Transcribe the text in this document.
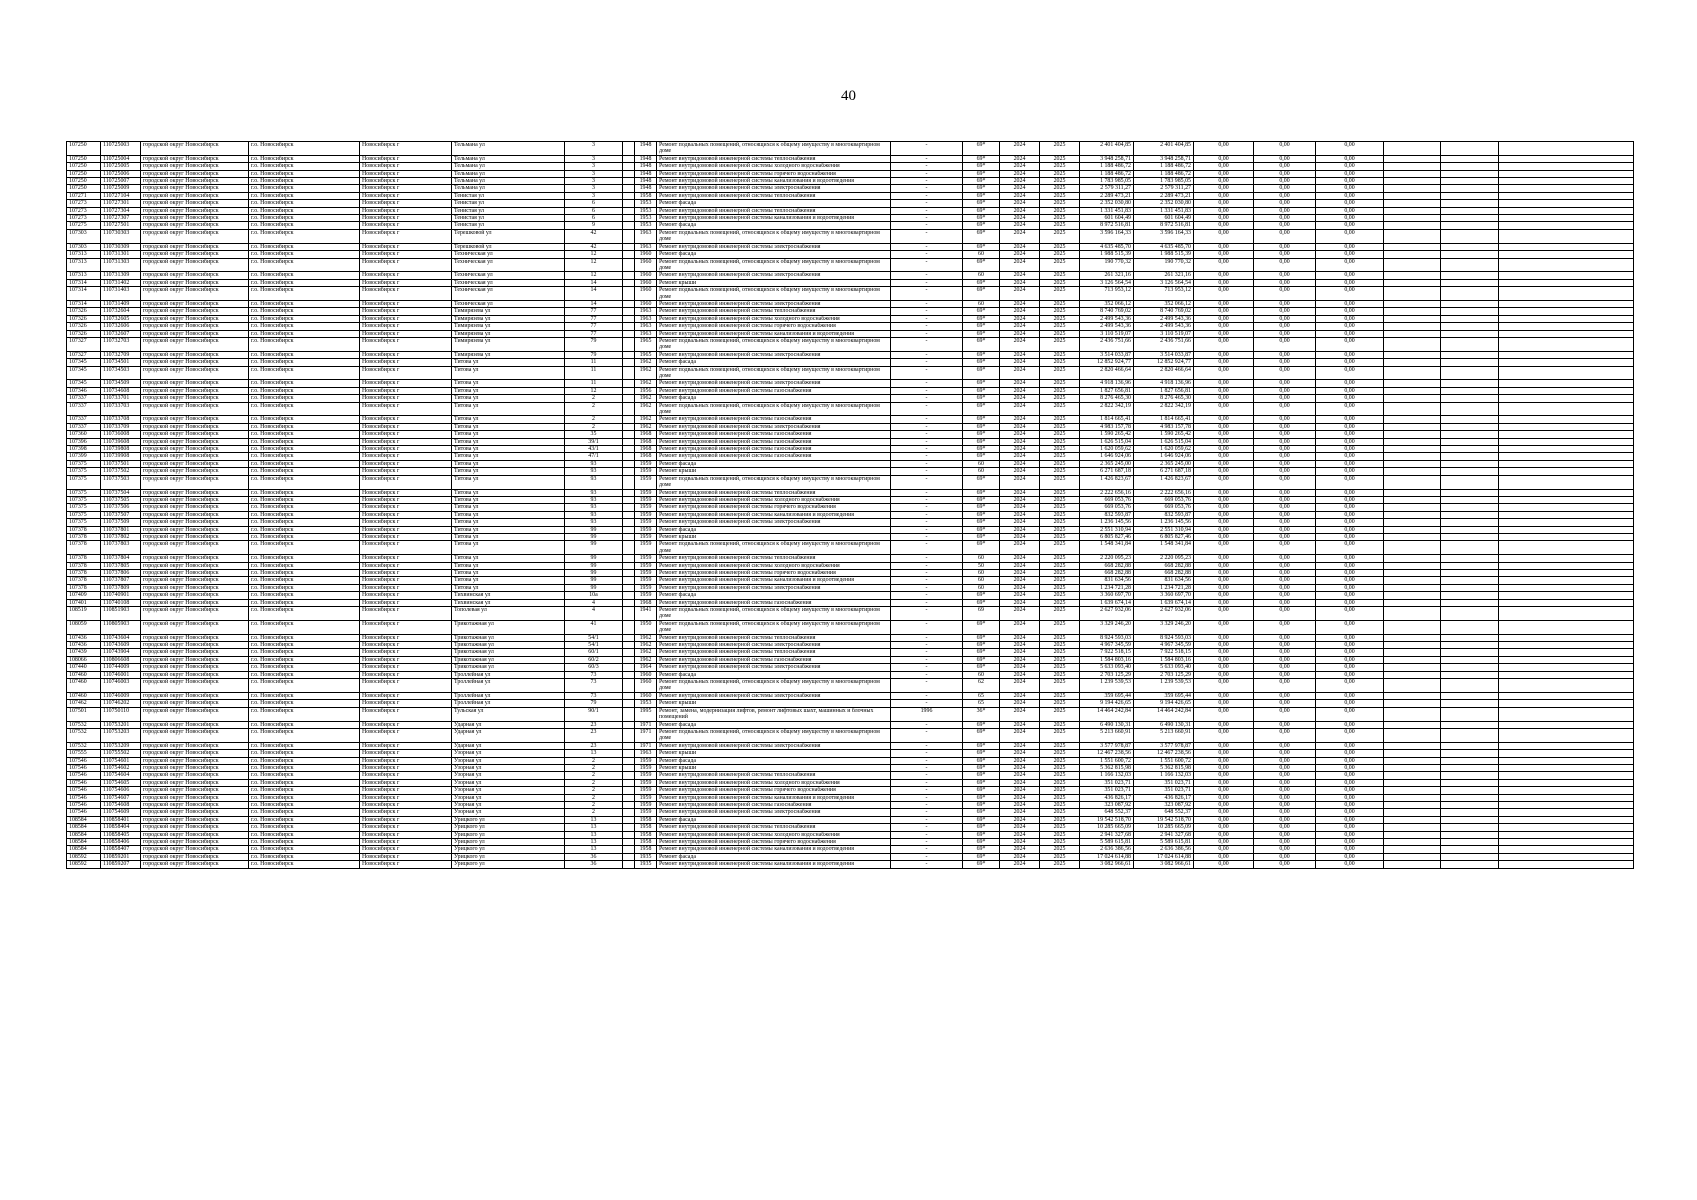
40
107250	110725003	городской округ Новосибирск	г.о. Новосибирск	Новосибирск г	Тельмана ул	3		1948	Ремонт подвальных помещений, относящихся к общему имуществу в многоквартирном доме	-	69*	2024	2025	2 401 404,85	2 401 404,85	0,00	0,00	0,00			
107250	110725004	городской округ Новосибирск	г.о. Новосибирск	Новосибирск г	Тельмана ул	3		1948	Ремонт внутридомовой инженерной системы теплоснабжения	-	69*	2024	2025	3 948 258,71	3 948 258,71	0,00	0,00	0,00			
107250	110725005	городской округ Новосибирск	г.о. Новосибирск	Новосибирск г	Тельмана ул	3		1948	Ремонт внутридомовой инженерной системы холодного водоснабжения	-	69*	2024	2025	1 188 486,72	1 188 486,72	0,00	0,00	0,00			
107250	110725006	городской округ Новосибирск	г.о. Новосибирск	Новосибирск г	Тельмана ул	3		1948	Ремонт внутридомовой инженерной системы горячего водоснабжения	-	69*	2024	2025	1 188 486,72	1 188 486,72	0,00	0,00	0,00			
107250	110725007	городской округ Новосибирск	г.о. Новосибирск	Новосибирск г	Тельмана ул	3		1948	Ремонт внутридомовой инженерной системы канализования и водоотведения	-	69*	2024	2025	1 783 985,05	1 783 985,05	0,00	0,00	0,00			
107250	110725009	городской округ Новосибирск	г.о. Новосибирск	Новосибирск г	Тельмана ул	3		1948	Ремонт внутридомовой инженерной системы электроснабжения	-	69*	2024	2025	2 579 311,27	2 579 311,27	0,00	0,00	0,00			
107271	110727104	городской округ Новосибирск	г.о. Новосибирск	Новосибирск г	Тенистая ул	3		1958	Ремонт внутридомовой инженерной системы теплоснабжения	-	69*	2024	2025	2 289 473,21	2 289 473,21	0,00	0,00	0,00			
107273	110727301	городской округ Новосибирск	г.о. Новосибирск	Новосибирск г	Тенистая ул	6		1953	Ремонт фасада	-	69*	2024	2025	2 352 030,80	2 352 030,80	0,00	0,00	0,00			
107273	110727304	городской округ Новосибирск	г.о. Новосибирск	Новосибирск г	Тенистая ул	6		1953	Ремонт внутридомовой инженерной системы теплоснабжения	-	69*	2024	2025	1 331 451,83	1 331 451,83	0,00	0,00	0,00			
107273	110727307	городской округ Новосибирск	г.о. Новосибирск	Новосибирск г	Тенистая ул	6		1953	Ремонт внутридомовой инженерной системы канализования и водоотведения	-	69*	2024	2025	601 604,49	601 604,49	0,00	0,00	0,00			
107275	110727501	городской округ Новосибирск	г.о. Новосибирск	Новосибирск г	Тенистая ул	9		1953	Ремонт фасада	-	69*	2024	2025	8 972 516,81	8 972 516,81	0,00	0,00	0,00			
107303	110730303	городской округ Новосибирск	г.о. Новосибирск	Новосибирск г	Терешковой ул	42		1963	Ремонт подвальных помещений, относящихся к общему имуществу в многоквартирном доме	-	69*	2024	2025	3 596 164,33	3 596 164,33	0,00	0,00	0,00			
107303	110730309	городской округ Новосибирск	г.о. Новосибирск	Новосибирск г	Терешковой ул	42		1963	Ремонт внутридомовой инженерной системы электроснабжения	-	69*	2024	2025	4 635 485,70	4 635 485,70	0,00	0,00	0,00			
107313	110731301	городской округ Новосибирск	г.о. Новосибирск	Новосибирск г	Техническая ул	12		1960	Ремонт фасада	-	60	2024	2025	1 988 515,39	1 988 515,39	0,00	0,00	0,00			
107313	110731303	городской округ Новосибирск	г.о. Новосибирск	Новосибирск г	Техническая ул	12		1960	Ремонт подвальных помещений, относящихся к общему имуществу в многоквартирном доме	-	69*	2024	2025	190 770,32	190 770,32	0,00	0,00	0,00			
107313	110731309	городской округ Новосибирск	г.о. Новосибирск	Новосибирск г	Техническая ул	12		1960	Ремонт внутридомовой инженерной системы электроснабжения	-	60	2024	2025	261 321,16	261 321,16	0,00	0,00	0,00			
107314	110731402	городской округ Новосибирск	г.о. Новосибирск	Новосибирск г	Техническая ул	14		1960	Ремонт крыши	-	69*	2024	2025	3 126 564,54	3 126 564,54	0,00	0,00	0,00			
107314	110731403	городской округ Новосибирск	г.о. Новосибирск	Новосибирск г	Техническая ул	14		1960	Ремонт подвальных помещений, относящихся к общему имуществу в многоквартирном доме	-	69*	2024	2025	713 953,12	713 953,12	0,00	0,00	0,00			
107314	110731409	городской округ Новосибирск	г.о. Новосибирск	Новосибирск г	Техническая ул	14		1960	Ремонт внутридомовой инженерной системы электроснабжения	-	60	2024	2025	352 066,12	352 066,12	0,00	0,00	0,00			
107326	110732604	городской округ Новосибирск	г.о. Новосибирск	Новосибирск г	Тимирязева ул	77		1963	Ремонт внутридомовой инженерной системы теплоснабжения	-	69*	2024	2025	8 740 769,02	8 740 769,02	0,00	0,00	0,00			
107326	110732605	городской округ Новосибирск	г.о. Новосибирск	Новосибирск г	Тимирязева ул	77		1963	Ремонт внутридомовой инженерной системы холодного водоснабжения	-	69*	2024	2025	2 499 543,36	2 499 543,36	0,00	0,00	0,00			
107326	110732606	городской округ Новосибирск	г.о. Новосибирск	Новосибирск г	Тимирязева ул	77		1963	Ремонт внутридомовой инженерной системы горячего водоснабжения	-	69*	2024	2025	2 499 543,36	2 499 543,36	0,00	0,00	0,00			
107326	110732607	городской округ Новосибирск	г.о. Новосибирск	Новосибирск г	Тимирязева ул	77		1963	Ремонт внутридомовой инженерной системы канализования и водоотведения	-	69*	2024	2025	3 110 519,07	3 110 519,07	0,00	0,00	0,00			
107327	110732703	городской округ Новосибирск	г.о. Новосибирск	Новосибирск г	Тимирязева ул	79		1965	Ремонт подвальных помещений, относящихся к общему имуществу в многоквартирном доме	-	69*	2024	2025	2 436 751,66	2 436 751,66	0,00	0,00	0,00			
107327	110732709	городской округ Новосибирск	г.о. Новосибирск	Новосибирск г	Тимирязева ул	79		1965	Ремонт внутридомовой инженерной системы электроснабжения	-	69*	2024	2025	3 514 033,87	3 514 033,87	0,00	0,00	0,00			
107345	110734501	городской округ Новосибирск	г.о. Новосибирск	Новосибирск г	Титова ул	11		1962	Ремонт фасада	-	69*	2024	2025	12 852 924,77	12 852 924,77	0,00	0,00	0,00			
107345	110734503	городской округ Новосибирск	г.о. Новосибирск	Новосибирск г	Титова ул	11		1962	Ремонт подвальных помещений, относящихся к общему имуществу в многоквартирном доме	-	69*	2024	2025	2 820 466,64	2 820 466,64	0,00	0,00	0,00			
107345	110734509	городской округ Новосибирск	г.о. Новосибирск	Новосибирск г	Титова ул	11		1962	Ремонт внутридомовой инженерной системы электроснабжения	-	69*	2024	2025	4 918 136,96	4 918 136,96	0,00	0,00	0,00			
107346	110734608	городской округ Новосибирск	г.о. Новосибирск	Новосибирск г	Титова ул	12		1956	Ремонт внутридомовой инженерной системы газоснабжения	-	69*	2024	2025	1 827 656,81	1 827 656,81	0,00	0,00	0,00			
107337	110733701	городской округ Новосибирск	г.о. Новосибирск	Новосибирск г	Титова ул	2		1962	Ремонт фасада	-	69*	2024	2025	8 276 465,30	8 276 465,30	0,00	0,00	0,00			
107337	110733703	городской округ Новосибирск	г.о. Новосибирск	Новосибирск г	Титова ул	2		1962	Ремонт подвальных помещений, относящихся к общему имуществу в многоквартирном доме	-	69*	2024	2025	2 822 342,19	2 822 342,19	0,00	0,00	0,00			
107337	110733708	городской округ Новосибирск	г.о. Новосибирск	Новосибирск г	Титова ул	2		1962	Ремонт внутридомовой инженерной системы газоснабжения	-	69*	2024	2025	1 814 665,41	1 814 665,41	0,00	0,00	0,00			
107337	110733709	городской округ Новосибирск	г.о. Новосибирск	Новосибирск г	Титова ул	2		1962	Ремонт внутридомовой инженерной системы электроснабжения	-	69*	2024	2025	4 983 157,78	4 983 157,78	0,00	0,00	0,00			
107360	110736008	городской округ Новосибирск	г.о. Новосибирск	Новосибирск г	Титова ул	35		1968	Ремонт внутридомовой инженерной системы газоснабжения	-	69*	2024	2025	1 590 265,42	1 590 265,42	0,00	0,00	0,00			
107396	110739608	городской округ Новосибирск	г.о. Новосибирск	Новосибирск г	Титова ул	39/1		1968	Ремонт внутридомовой инженерной системы газоснабжения	-	69*	2024	2025	1 626 515,04	1 626 515,04	0,00	0,00	0,00			
107398	110739808	городской округ Новосибирск	г.о. Новосибирск	Новосибирск г	Титова ул	43/1		1968	Ремонт внутридомовой инженерной системы газоснабжения	-	69*	2024	2025	1 620 059,62	1 620 059,62	0,00	0,00	0,00			
107399	110739908	городской округ Новосибирск	г.о. Новосибирск	Новосибирск г	Титова ул	47/1		1968	Ремонт внутридомовой инженерной системы газоснабжения	-	69*	2024	2025	1 646 924,06	1 646 924,06	0,00	0,00	0,00			
107375	110737501	городской округ Новосибирск	г.о. Новосибирск	Новосибирск г	Титова ул	93		1959	Ремонт фасада	-	60	2024	2025	2 365 245,00	2 365 245,00	0,00	0,00	0,00			
107375	110737502	городской округ Новосибирск	г.о. Новосибирск	Новосибирск г	Титова ул	93		1959	Ремонт крыши	-	60	2024	2025	6 271 687,18	6 271 687,18	0,00	0,00	0,00			
107375	110737503	городской округ Новосибирск	г.о. Новосибирск	Новосибирск г	Титова ул	93		1959	Ремонт подвальных помещений, относящихся к общему имуществу в многоквартирном доме	-	69*	2024	2025	1 426 823,67	1 426 823,67	0,00	0,00	0,00			
107375	110737504	городской округ Новосибирск	г.о. Новосибирск	Новосибирск г	Титова ул	93		1959	Ремонт внутридомовой инженерной системы теплоснабжения	-	69*	2024	2025	2 222 656,16	2 222 656,16	0,00	0,00	0,00			
107375	110737505	городской округ Новосибирск	г.о. Новосибирск	Новосибирск г	Титова ул	93		1959	Ремонт внутридомовой инженерной системы холодного водоснабжения	-	69*	2024	2025	669 053,76	669 053,76	0,00	0,00	0,00			
107375	110737506	городской округ Новосибирск	г.о. Новосибирск	Новосибирск г	Титова ул	93		1959	Ремонт внутридомовой инженерной системы горячего водоснабжения	-	69*	2024	2025	669 053,76	669 053,76	0,00	0,00	0,00			
107375	110737507	городской округ Новосибирск	г.о. Новосибирск	Новосибирск г	Титова ул	93		1959	Ремонт внутридомовой инженерной системы канализования и водоотведения	-	69*	2024	2025	832 593,87	832 593,87	0,00	0,00	0,00			
107375	110737509	городской округ Новосибирск	г.о. Новосибирск	Новосибирск г	Титова ул	93		1959	Ремонт внутридомовой инженерной системы электроснабжения	-	69*	2024	2025	1 236 145,56	1 236 145,56	0,00	0,00	0,00			
107378	110737801	городской округ Новосибирск	г.о. Новосибирск	Новосибирск г	Титова ул	99		1959	Ремонт фасада	-	69*	2024	2025	2 551 310,94	2 551 310,94	0,00	0,00	0,00			
107378	110737802	городской округ Новосибирск	г.о. Новосибирск	Новосибирск г	Титова ул	99		1959	Ремонт крыши	-	69*	2024	2025	6 805 827,46	6 805 827,46	0,00	0,00	0,00			
107378	110737803	городской округ Новосибирск	г.о. Новосибирск	Новосибирск г	Титова ул	99		1959	Ремонт подвальных помещений, относящихся к общему имуществу в многоквартирном доме	-	69*	2024	2025	1 548 341,84	1 548 341,84	0,00	0,00	0,00			
107378	110737804	городской округ Новосибирск	г.о. Новосибирск	Новосибирск г	Титова ул	99		1959	Ремонт внутридомовой инженерной системы теплоснабжения	-	60	2024	2025	2 220 095,23	2 220 095,23	0,00	0,00	0,00			
107378	110737805	городской округ Новосибирск	г.о. Новосибирск	Новосибирск г	Титова ул	99		1959	Ремонт внутридомовой инженерной системы холодного водоснабжения	-	50	2024	2025	668 282,88	668 282,88	0,00	0,00	0,00			
107378	110737806	городской округ Новосибирск	г.о. Новосибирск	Новосибирск г	Титова ул	99		1959	Ремонт внутридомовой инженерной системы горячего водоснабжения	-	60	2024	2025	668 282,88	668 282,88	0,00	0,00	0,00			
107378	110737807	городской округ Новосибирск	г.о. Новосибирск	Новосибирск г	Титова ул	99		1959	Ремонт внутридомовой инженерной системы канализования и водоотведения	-	60	2024	2025	831 634,56	831 634,56	0,00	0,00	0,00			
107378	110737809	городской округ Новосибирск	г.о. Новосибирск	Новосибирск г	Титова ул	99		1959	Ремонт внутридомовой инженерной системы электроснабжения	-	60	2024	2025	1 234 721,28	1 234 721,28	0,00	0,00	0,00			
107409	110740901	городской округ Новосибирск	г.о. Новосибирск	Новосибирск г	Тихвинская ул	10а		1959	Ремонт фасада	-	69*	2024	2025	3 360 697,70	3 360 697,70	0,00	0,00	0,00			
107401	110740108	городской округ Новосибирск	г.о. Новосибирск	Новосибирск г	Тихвинская ул	4		1968	Ремонт внутридомовой инженерной системы газоснабжения	-	69*	2024	2025	1 639 674,14	1 639 674,14	0,00	0,00	0,00			
108519	110851903	городской округ Новосибирск	г.о. Новосибирск	Новосибирск г	Тополевая ул	4		1941	Ремонт подвальных помещений, относящихся к общему имуществу в многоквартирном доме	-	69	2024	2025	2 627 932,06	2 627 932,06	0,00	0,00	0,00			
108059	110805903	городской округ Новосибирск	г.о. Новосибирск	Новосибирск г	Трикотажная ул	41		1950	Ремонт подвальных помещений, относящихся к общему имуществу в многоквартирном доме	-	69*	2024	2025	3 329 246,20	3 329 246,20	0,00	0,00	0,00			
107436	110743604	городской округ Новосибирск	г.о. Новосибирск	Новосибирск г	Трикотажная ул	54/1		1962	Ремонт внутридомовой инженерной системы теплоснабжения	-	69*	2024	2025	8 924 593,03	8 924 593,03	0,00	0,00	0,00			
107436	110743609	городской округ Новосибирск	г.о. Новосибирск	Новосибирск г	Трикотажная ул	54/1		1962	Ремонт внутридомовой инженерной системы электроснабжения	-	69*	2024	2025	4 967 345,59	4 967 345,59	0,00	0,00	0,00			
107439	110743904	городской округ Новосибирск	г.о. Новосибирск	Новосибирск г	Трикотажная ул	60/1		1962	Ремонт внутридомовой инженерной системы теплоснабжения	-	69*	2024	2025	7 922 518,15	7 922 518,15	0,00	0,00	0,00			
108066	110806608	городской округ Новосибирск	г.о. Новосибирск	Новосибирск г	Трикотажная ул	60/2		1962	Ремонт внутридомовой инженерной системы газоснабжения	-	69*	2024	2025	1 584 803,16	1 584 803,16	0,00	0,00	0,00			
107440	110744009	городской округ Новосибирск	г.о. Новосибирск	Новосибирск г	Трикотажная ул	60/3		1964	Ремонт внутридомовой инженерной системы электроснабжения	-	69*	2024	2025	5 633 093,40	5 633 093,40	0,00	0,00	0,00			
107460	110746001	городской округ Новосибирск	г.о. Новосибирск	Новосибирск г	Троллейная ул	73		1960	Ремонт фасада	-	60	2024	2025	2 703 125,29	2 703 125,29	0,00	0,00	0,00			
107460	110746003	городской округ Новосибирск	г.о. Новосибирск	Новосибирск г	Троллейная ул	73		1960	Ремонт подвальных помещений, относящихся к общему имуществу в многоквартирном доме	-	62	2024	2025	1 239 539,53	1 239 539,53	0,00	0,00	0,00			
107460	110746009	городской округ Новосибирск	г.о. Новосибирск	Новосибирск г	Троллейная ул	73		1960	Ремонт внутридомовой инженерной системы электроснабжения	-	65	2024	2025	359 695,44	359 695,44	0,00	0,00	0,00			
107462	110746202	городской округ Новосибирск	г.о. Новосибирск	Новосибирск г	Троллейная ул	79		1953	Ремонт крыши	-	65	2024	2025	9 194 426,65	9 194 426,65	0,00	0,00	0,00			
107501	110750110	городской округ Новосибирск	г.о. Новосибирск	Новосибирск г	Тульская ул	90/1		1995	Ремонт, замена, модернизация лифтов, ремонт лифтовых шахт, машинных и блочных помещений	1996	36*	2024	2025	14 464 242,84	14 464 242,84	0,00	0,00	0,00			
107532	110753201	городской округ Новосибирск	г.о. Новосибирск	Новосибирск г	Ударная ул	23		1971	Ремонт фасада	-	69*	2024	2025	6 490 130,31	6 490 130,31	0,00	0,00	0,00			
107532	110753203	городской округ Новосибирск	г.о. Новосибирск	Новосибирск г	Ударная ул	23		1971	Ремонт подвальных помещений, относящихся к общему имуществу в многоквартирном доме	-	69*	2024	2025	5 213 660,91	5 213 660,91	0,00	0,00	0,00			
107532	110753209	городской округ Новосибирск	г.о. Новосибирск	Новосибирск г	Ударная ул	23		1971	Ремонт внутридомовой инженерной системы электроснабжения	-	69*	2024	2025	3 577 978,87	3 577 978,87	0,00	0,00	0,00			
107555	110755502	городской округ Новосибирск	г.о. Новосибирск	Новосибирск г	Узорная ул	13		1963	Ремонт крыши	-	69*	2024	2025	12 467 238,56	12 467 238,56	0,00	0,00	0,00			
107546	110754601	городской округ Новосибирск	г.о. Новосибирск	Новосибирск г	Узорная ул	2		1959	Ремонт фасада	-	69*	2024	2025	1 551 600,72	1 551 600,72	0,00	0,00	0,00			
107546	110754602	городской округ Новосибирск	г.о. Новосибирск	Новосибирск г	Узорная ул	2		1959	Ремонт крыши	-	69*	2024	2025	5 362 815,98	5 362 815,98	0,00	0,00	0,00			
107546	110754604	городской округ Новосибирск	г.о. Новосибирск	Новосибирск г	Узорная ул	2		1959	Ремонт внутридомовой инженерной системы теплоснабжения	-	69*	2024	2025	1 166 132,03	1 166 132,03	0,00	0,00	0,00			
107546	110754605	городской округ Новосибирск	г.о. Новосибирск	Новосибирск г	Узорная ул	2		1959	Ремонт внутридомовой инженерной системы холодного водоснабжения	-	69*	2024	2025	351 023,71	351 023,71	0,00	0,00	0,00			
107546	110754606	городской округ Новосибирск	г.о. Новосибирск	Новосибирск г	Узорная ул	2		1959	Ремонт внутридомовой инженерной системы горячего водоснабжения	-	69*	2024	2025	351 023,71	351 023,71	0,00	0,00	0,00			
107546	110754607	городской округ Новосибирск	г.о. Новосибирск	Новосибирск г	Узорная ул	2		1959	Ремонт внутридомовой инженерной системы канализования и водоотведения	-	69*	2024	2025	436 826,17	436 826,17	0,00	0,00	0,00			
107546	110754608	городской округ Новосибирск	г.о. Новосибирск	Новосибирск г	Узорная ул	2		1959	Ремонт внутридомовой инженерной системы газоснабжения	-	69*	2024	2025	323 087,92	323 087,92	0,00	0,00	0,00			
107546	110754609	городской округ Новосибирск	г.о. Новосибирск	Новосибирск г	Узорная ул	2		1959	Ремонт внутридомовой инженерной системы электроснабжения	-	69*	2024	2025	648 552,37	648 552,37	0,00	0,00	0,00			
108584	110858401	городской округ Новосибирск	г.о. Новосибирск	Новосибирск г	Урицкого ул	13		1958	Ремонт фасада	-	69*	2024	2025	19 542 518,70	19 542 518,70	0,00	0,00	0,00			
108584	110858404	городской округ Новосибирск	г.о. Новосибирск	Новосибирск г	Урицкого ул	13		1958	Ремонт внутридомовой инженерной системы теплоснабжения	-	69*	2024	2025	10 285 665,09	10 285 665,09	0,00	0,00	0,00			
108584	110858405	городской округ Новосибирск	г.о. Новосибирск	Новосибирск г	Урицкого ул	13		1958	Ремонт внутридомовой инженерной системы холодного водоснабжения	-	69*	2024	2025	2 941 327,68	2 941 327,68	0,00	0,00	0,00			
108584	110858406	городской округ Новосибирск	г.о. Новосибирск	Новосибирск г	Урицкого ул	13		1958	Ремонт внутридомовой инженерной системы горячего водоснабжения	-	69*	2024	2025	5 589 615,81	5 589 615,81	0,00	0,00	0,00			
108584	110858407	городской округ Новосибирск	г.о. Новосибирск	Новосибирск г	Урицкого ул	13		1958	Ремонт внутридомовой инженерной системы канализования и водоотведения	-	69*	2024	2025	2 636 386,56	2 636 386,56	0,00	0,00	0,00			
108592	110859201	городской округ Новосибирск	г.о. Новосибирск	Новосибирск г	Урицкого ул	36		1935	Ремонт фасада	-	69*	2024	2025	17 024 614,88	17 024 614,88	0,00	0,00	0,00			
108592	110859207	городской округ Новосибирск	г.о. Новосибирск	Новосибирск г	Урицкого ул	36		1935	Ремонт внутридомовой инженерной системы канализования и водоотведения	-	69*	2024	2025	3 082 966,61	3 082 966,61	0,00	0,00	0,00			
